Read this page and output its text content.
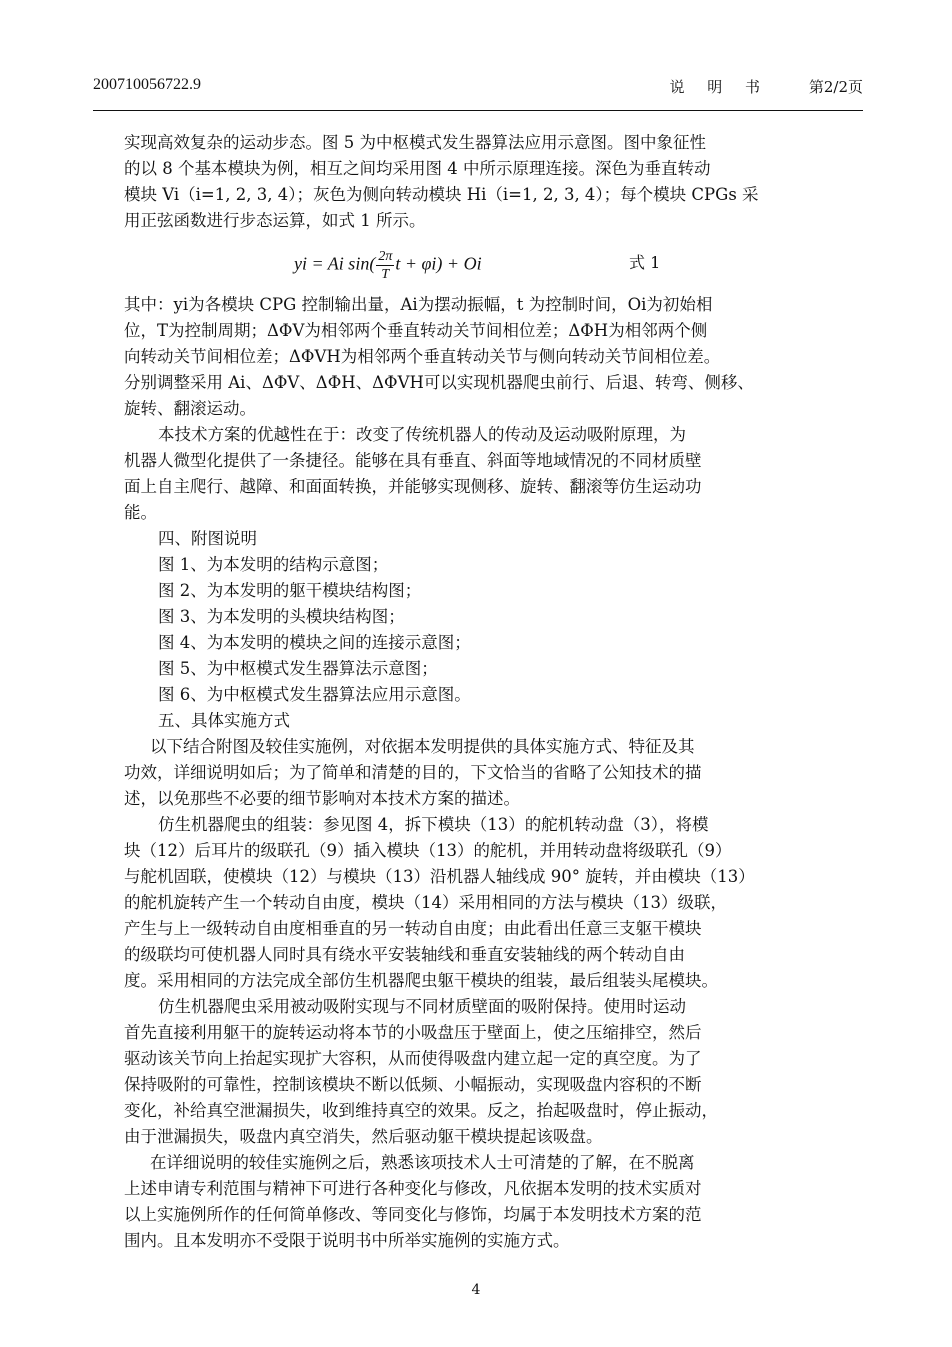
200710056722.9	说 明 书	第2/2页

实现高效复杂的运动步态。图 5 为中枢模式发生器算法应用示意图。图中象征性

的以 8 个基本模块为例，相互之间均采用图 4 中所示原理连接。深色为垂直转动

模块 Vi（i=1, 2, 3, 4）；灰色为侧向转动模块 Hi（i=1, 2, 3, 4）；每个模块 CPGs 采

用正弦函数进行步态运算，如式 1 所示。

yi = Ai $\sin( \frac{2\pi}{T}t + \varphi i) + Oi$	式 1

其中：yi为各模块 CPG 控制输出量，Ai为摆动振幅，t 为控制时间，Oi为初始相

位，T为控制周期；ΔΦV为相邻两个垂直转动关节间相位差；ΔΦH为相邻两个侧

向转动关节间相位差；ΔΦVH为相邻两个垂直转动关节与侧向转动关节间相位差。

分别调整采用 Ai、ΔΦV、ΔΦH、ΔΦVH可以实现机器爬虫前行、后退、转弯、侧移、

旋转、翻滚运动。

本技术方案的优越性在于：改变了传统机器人的传动及运动吸附原理，为

机器人微型化提供了一条捷径。能够在具有垂直、斜面等地域情况的不同材质壁

面上自主爬行、越障、和面面转换，并能够实现侧移、旋转、翻滚等仿生运动功

能。

四、附图说明

图 1、为本发明的结构示意图；

图 2、为本发明的躯干模块结构图；

图 3、为本发明的头模块结构图；

图 4、为本发明的模块之间的连接示意图；

图 5、为中枢模式发生器算法示意图；

图 6、为中枢模式发生器算法应用示意图。

五、具体实施方式

以下结合附图及较佳实施例，对依据本发明提供的具体实施方式、特征及其

功效，详细说明如后；为了简单和清楚的目的，下文恰当的省略了公知技术的描

述，以免那些不必要的细节影响对本技术方案的描述。

仿生机器爬虫的组装：参见图 4，拆下模块（13）的舵机转动盘（3），将模

块（12）后耳片的级联孔（9）插入模块（13）的舵机，并用转动盘将级联孔（9）

与舵机固联，使模块（12）与模块（13）沿机器人轴线成 90° 旋转，并由模块（13）

的舵机旋转产生一个转动自由度，模块（14）采用相同的方法与模块（13）级联，

产生与上一级转动自由度相垂直的另一转动自由度；由此看出任意三支躯干模块

的级联均可使机器人同时具有绕水平安装轴线和垂直安装轴线的两个转动自由

度。采用相同的方法完成全部仿生机器爬虫躯干模块的组装，最后组装头尾模块。

仿生机器爬虫采用被动吸附实现与不同材质壁面的吸附保持。使用时运动

首先直接利用躯干的旋转运动将本节的小吸盘压于壁面上，使之压缩排空，然后

驱动该关节向上抬起实现扩大容积，从而使得吸盘内建立起一定的真空度。为了

保持吸附的可靠性，控制该模块不断以低频、小幅振动，实现吸盘内容积的不断

变化，补给真空泄漏损失，收到维持真空的效果。反之，抬起吸盘时，停止振动，

由于泄漏损失，吸盘内真空消失，然后驱动躯干模块提起该吸盘。

在详细说明的较佳实施例之后，熟悉该项技术人士可清楚的了解，在不脱离

上述申请专利范围与精神下可进行各种变化与修改，凡依据本发明的技术实质对

以上实施例所作的任何简单修改、等同变化与修饰，均属于本发明技术方案的范

围内。且本发明亦不受限于说明书中所举实施例的实施方式。

4
